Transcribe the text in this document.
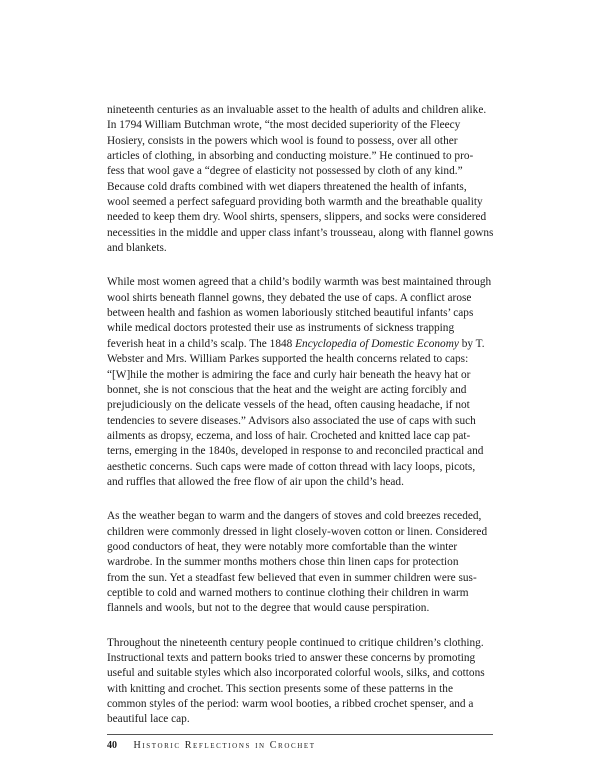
nineteenth centuries as an invaluable asset to the health of adults and children alike.
In 1794 William Butchman wrote, “the most decided superiority of the Fleecy
Hosiery, consists in the powers which wool is found to possess, over all other
articles of clothing, in absorbing and conducting moisture.” He continued to pro-
fess that wool gave a “degree of elasticity not possessed by cloth of any kind.”
Because cold drafts combined with wet diapers threatened the health of infants,
wool seemed a perfect safeguard providing both warmth and the breathable quality
needed to keep them dry. Wool shirts, spensers, slippers, and socks were considered
necessities in the middle and upper class infant’s trousseau, along with flannel gowns
and blankets.

While most women agreed that a child’s bodily warmth was best maintained through
wool shirts beneath flannel gowns, they debated the use of caps. A conflict arose
between health and fashion as women laboriously stitched beautiful infants’ caps
while medical doctors protested their use as instruments of sickness trapping
feverish heat in a child’s scalp. The 1848 Encyclopedia of Domestic Economy by T.
Webster and Mrs. William Parkes supported the health concerns related to caps:
“[W]hile the mother is admiring the face and curly hair beneath the heavy hat or
bonnet, she is not conscious that the heat and the weight are acting forcibly and
prejudiciously on the delicate vessels of the head, often causing headache, if not
tendencies to severe diseases.” Advisors also associated the use of caps with such
ailments as dropsy, eczema, and loss of hair. Crocheted and knitted lace cap pat-
terns, emerging in the 1840s, developed in response to and reconciled practical and
aesthetic concerns. Such caps were made of cotton thread with lacy loops, picots,
and ruffles that allowed the free flow of air upon the child’s head.

As the weather began to warm and the dangers of stoves and cold breezes receded,
children were commonly dressed in light closely-woven cotton or linen. Considered
good conductors of heat, they were notably more comfortable than the winter
wardrobe. In the summer months mothers chose thin linen caps for protection
from the sun. Yet a steadfast few believed that even in summer children were sus-
ceptible to cold and warned mothers to continue clothing their children in warm
flannels and wools, but not to the degree that would cause perspiration.

Throughout the nineteenth century people continued to critique children’s clothing.
Instructional texts and pattern books tried to answer these concerns by promoting
useful and suitable styles which also incorporated colorful wools, silks, and cottons
with knitting and crochet. This section presents some of these patterns in the
common styles of the period: warm wool booties, a ribbed crochet spenser, and a
beautiful lace cap.

40 Historic Reflections in Crochet
